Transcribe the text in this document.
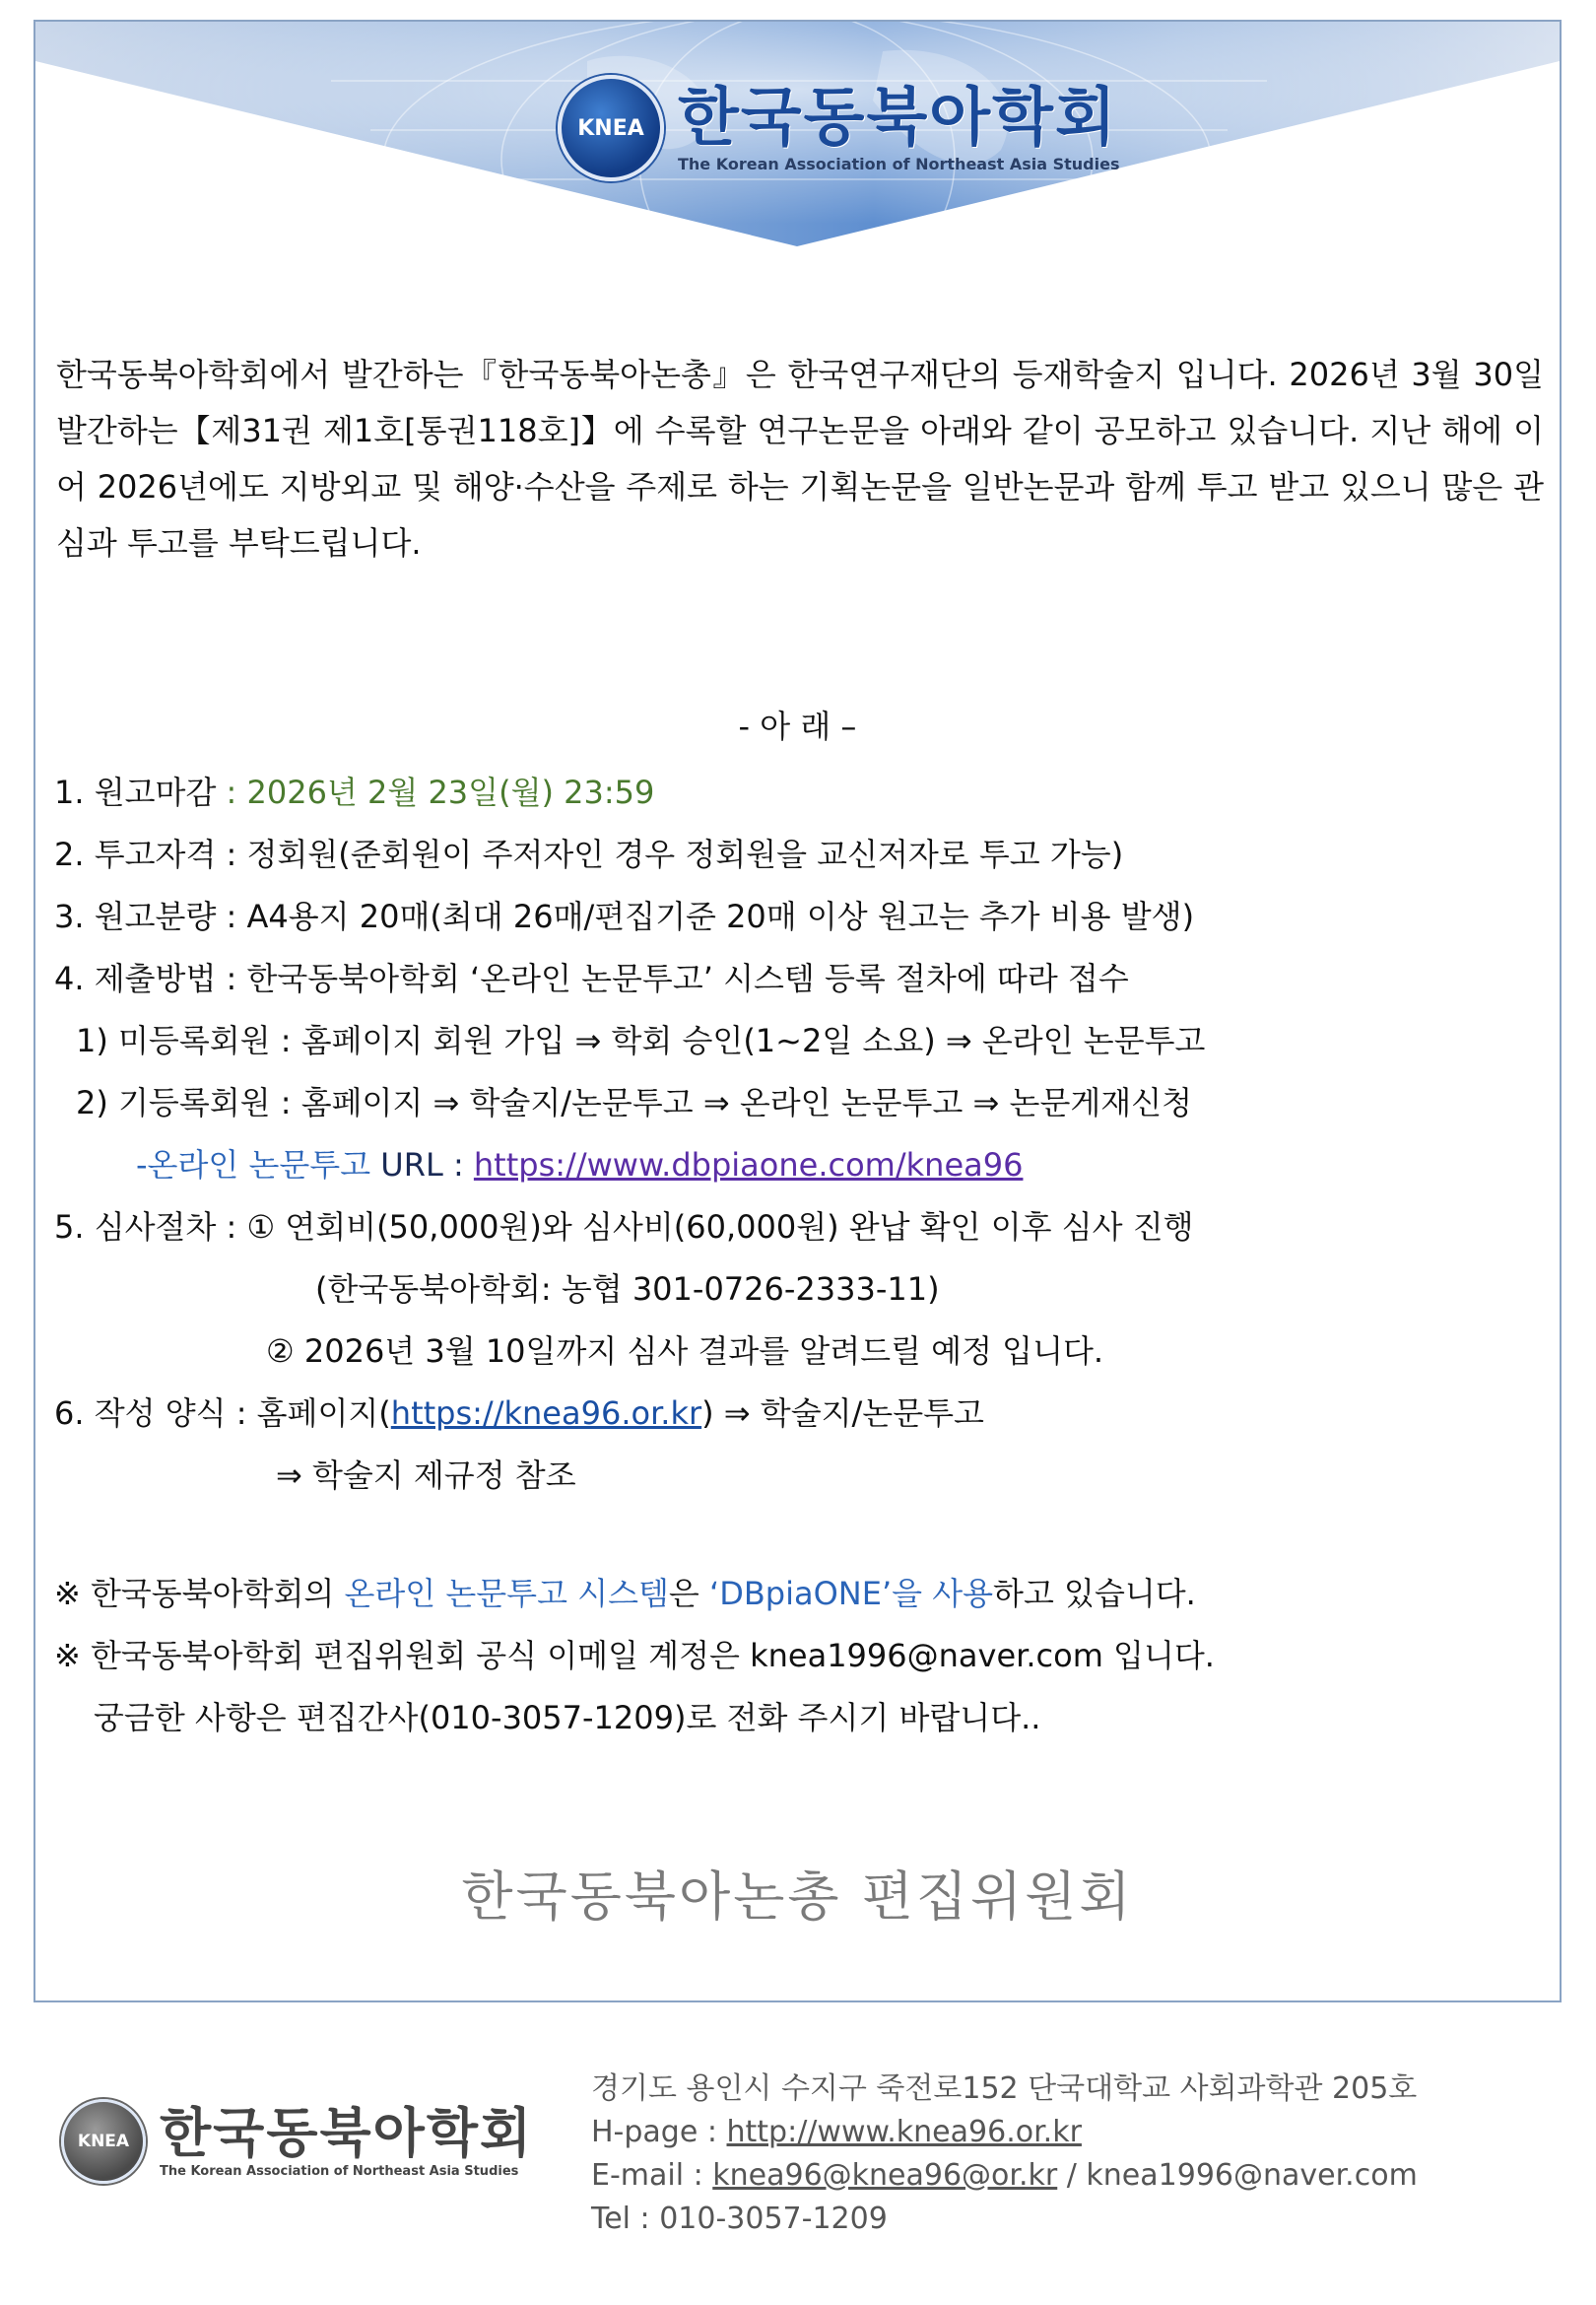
KNEA 한국동북아학회
The Korean Association of Northeast Asia Studies
한국동북아학회에서 발간하는『한국동북아논총』은 한국연구재단의 등재학술지 입니다. 2026년 3월 30일 발간하는【제31권 제1호[통권118호]】에 수록할 연구논문을 아래와 같이 공모하고 있습니다. 지난 해에 이어 2026년에도 지방외교 및 해양·수산을 주제로 하는 기획논문을 일반논문과 함께 투고 받고 있으니 많은 관심과 투고를 부탁드립니다.
- 아 래 –
1. 원고마감 : 2026년 2월 23일(월) 23:59
2. 투고자격 : 정회원(준회원이 주저자인 경우 정회원을 교신저자로 투고 가능)
3. 원고분량 : A4용지 20매(최대 26매/편집기준 20매 이상 원고는 추가 비용 발생)
4. 제출방법 : 한국동북아학회 ‘온라인 논문투고’ 시스템 등록 절차에 따라 접수
1) 미등록회원 : 홈페이지 회원 가입 ⇒ 학회 승인(1~2일 소요) ⇒ 온라인 논문투고
2) 기등록회원 : 홈페이지 ⇒ 학술지/논문투고 ⇒ 온라인 논문투고 ⇒ 논문게재신청
-온라인 논문투고 URL : https://www.dbpiaone.com/knea96
5. 심사절차 : ① 연회비(50,000원)와 심사비(60,000원) 완납 확인 이후 심사 진행
(한국동북아학회: 농협 301-0726-2333-11)
② 2026년 3월 10일까지 심사 결과를 알려드릴 예정 입니다.
6. 작성 양식 : 홈페이지(https://knea96.or.kr) ⇒ 학술지/논문투고
⇒ 학술지 제규정 참조
※ 한국동북아학회의 온라인 논문투고 시스템은 ‘DBpiaONE’을 사용하고 있습니다.
※ 한국동북아학회 편집위원회 공식 이메일 계정은 knea1996@naver.com 입니다.
궁금한 사항은 편집간사(010-3057-1209)로 전화 주시기 바랍니다..
한국동북아논총 편집위원회
KNEA 한국동북아학회
The Korean Association of Northeast Asia Studies
경기도 용인시 수지구 죽전로152 단국대학교 사회과학관 205호
H-page : http://www.knea96.or.kr
E-mail : knea96@knea96@or.kr / knea1996@naver.com
Tel : 010-3057-1209
